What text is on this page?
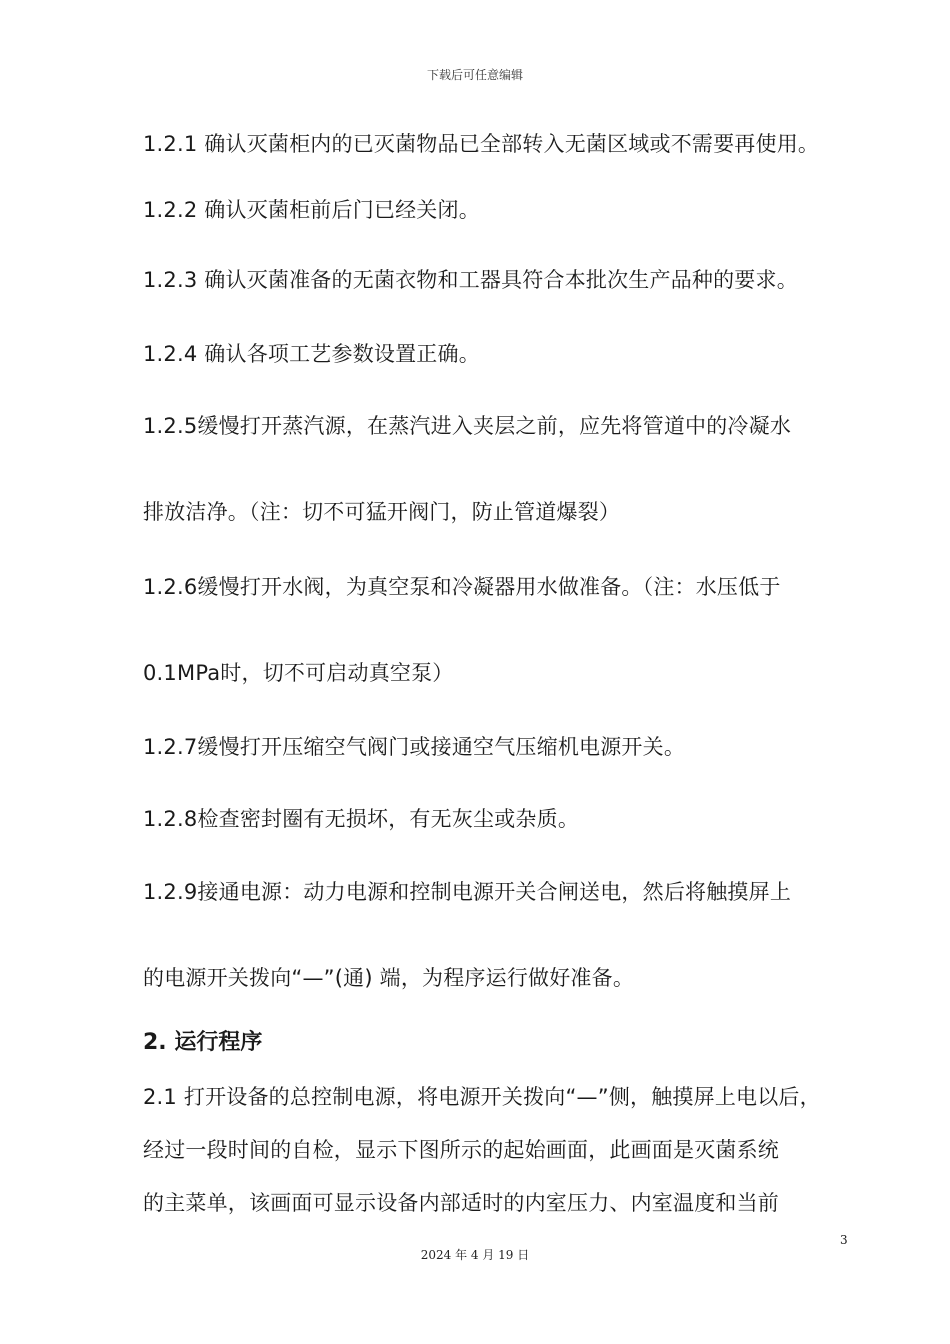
下载后可任意编辑
1.2.1 确认灭菌柜内的已灭菌物品已全部转入无菌区域或不需要再使用。
1.2.2 确认灭菌柜前后门已经关闭。
1.2.3 确认灭菌准备的无菌衣物和工器具符合本批次生产品种的要求。
1.2.4 确认各项工艺参数设置正确。
1.2.5缓慢打开蒸汽源，在蒸汽进入夹层之前，应先将管道中的冷凝水
排放洁净。（注：切不可猛开阀门，防止管道爆裂）
1.2.6缓慢打开水阀，为真空泵和冷凝器用水做准备。（注：水压低于
0.1MPa时，切不可启动真空泵）
1.2.7缓慢打开压缩空气阀门或接通空气压缩机电源开关。
1.2.8检查密封圈有无损坏，有无灰尘或杂质。
1.2.9接通电源：动力电源和控制电源开关合闸送电，然后将触摸屏上
的电源开关拨向“—”(通) 端，为程序运行做好准备。
2. 运行程序
2.1 打开设备的总控制电源，将电源开关拨向“—”侧，触摸屏上电以后，
经过一段时间的自检，显示下图所示的起始画面，此画面是灭菌系统
的主菜单，该画面可显示设备内部适时的内室压力、内室温度和当前
3
2024 年 4 月 19 日
